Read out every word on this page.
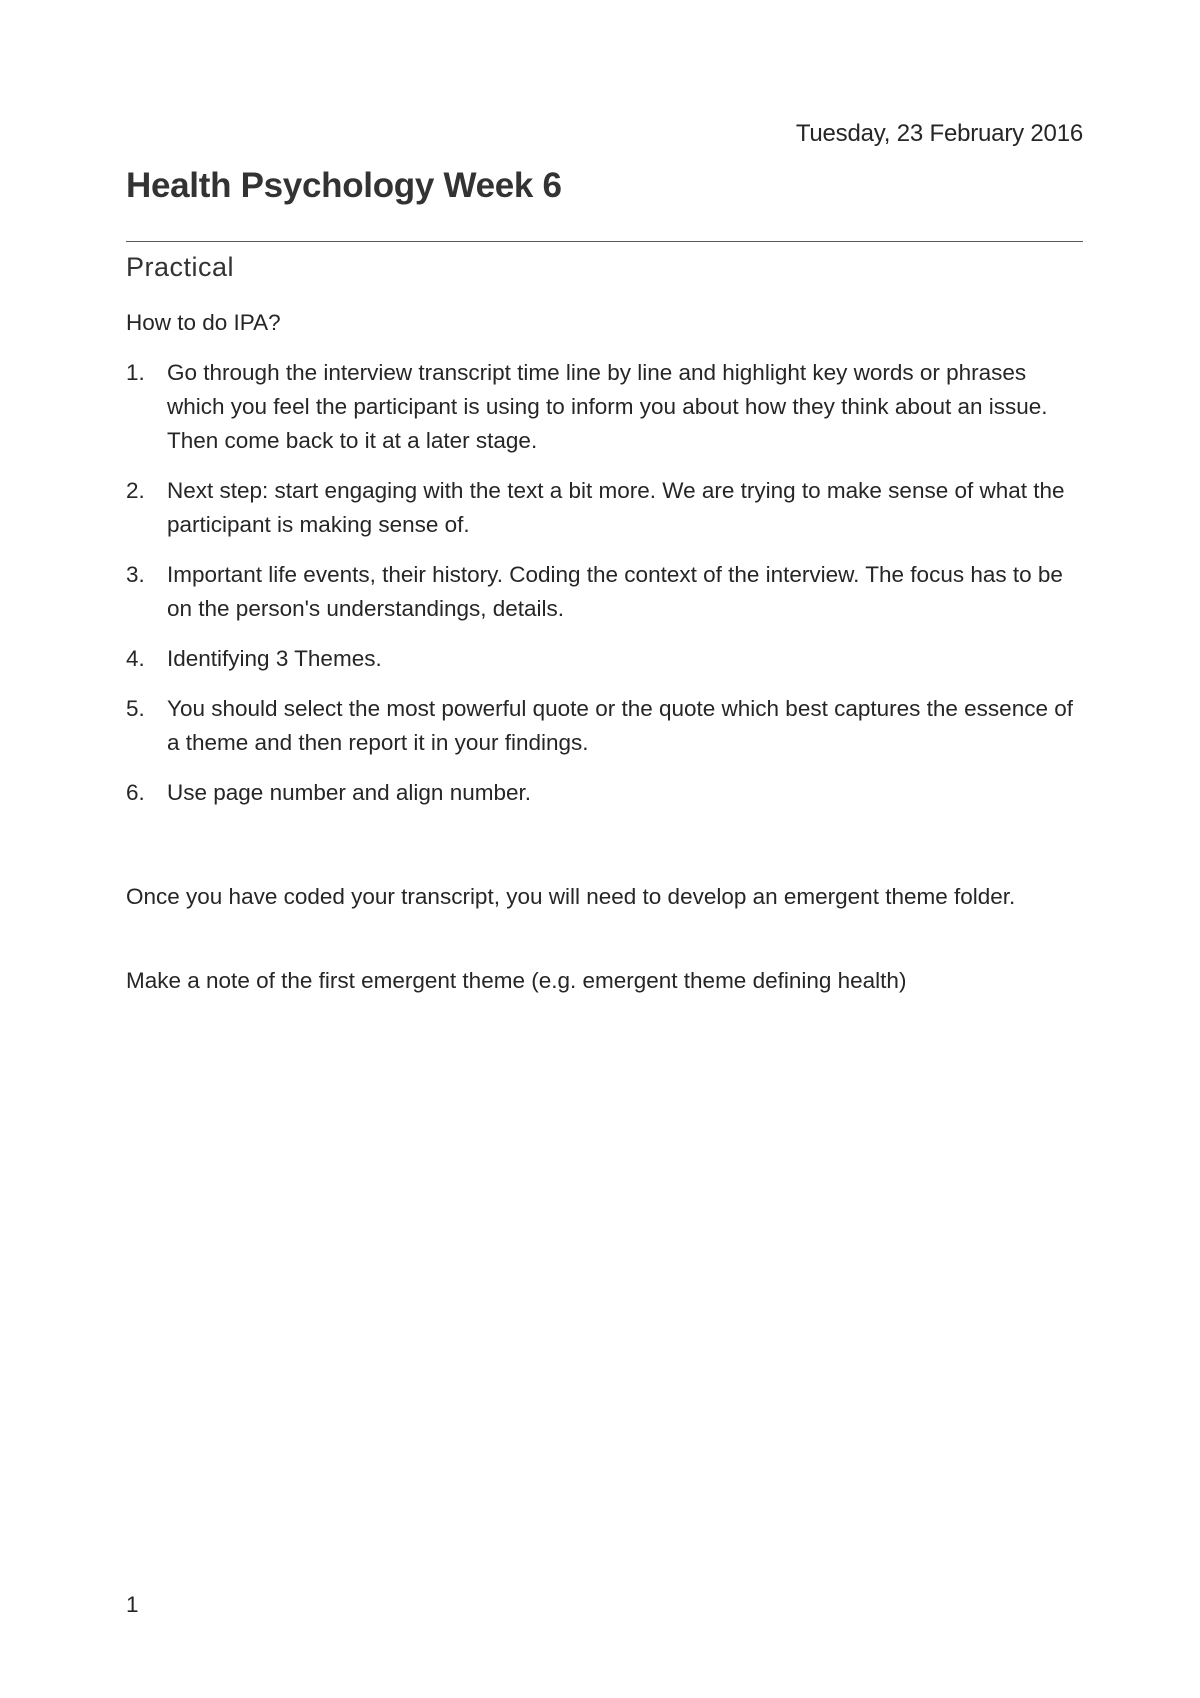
Tuesday, 23 February 2016
Health Psychology Week 6
Practical

How to do IPA?

1. Go through the interview transcript time line by line and highlight key words or phrases which you feel the participant is using to inform you about how they think about an issue. Then come back to it at a later stage.
2. Next step: start engaging with the text a bit more. We are trying to make sense of what the participant is making sense of.
3. Important life events, their history. Coding the context of the interview. The focus has to be on the person's understandings, details.
4. Identifying 3 Themes.
5. You should select the most powerful quote or the quote which best captures the essence of a theme and then report it in your findings.
6. Use page number and align number.

Once you have coded your transcript, you will need to develop an emergent theme folder.

Make a note of the first emergent theme (e.g. emergent theme defining health)

1
